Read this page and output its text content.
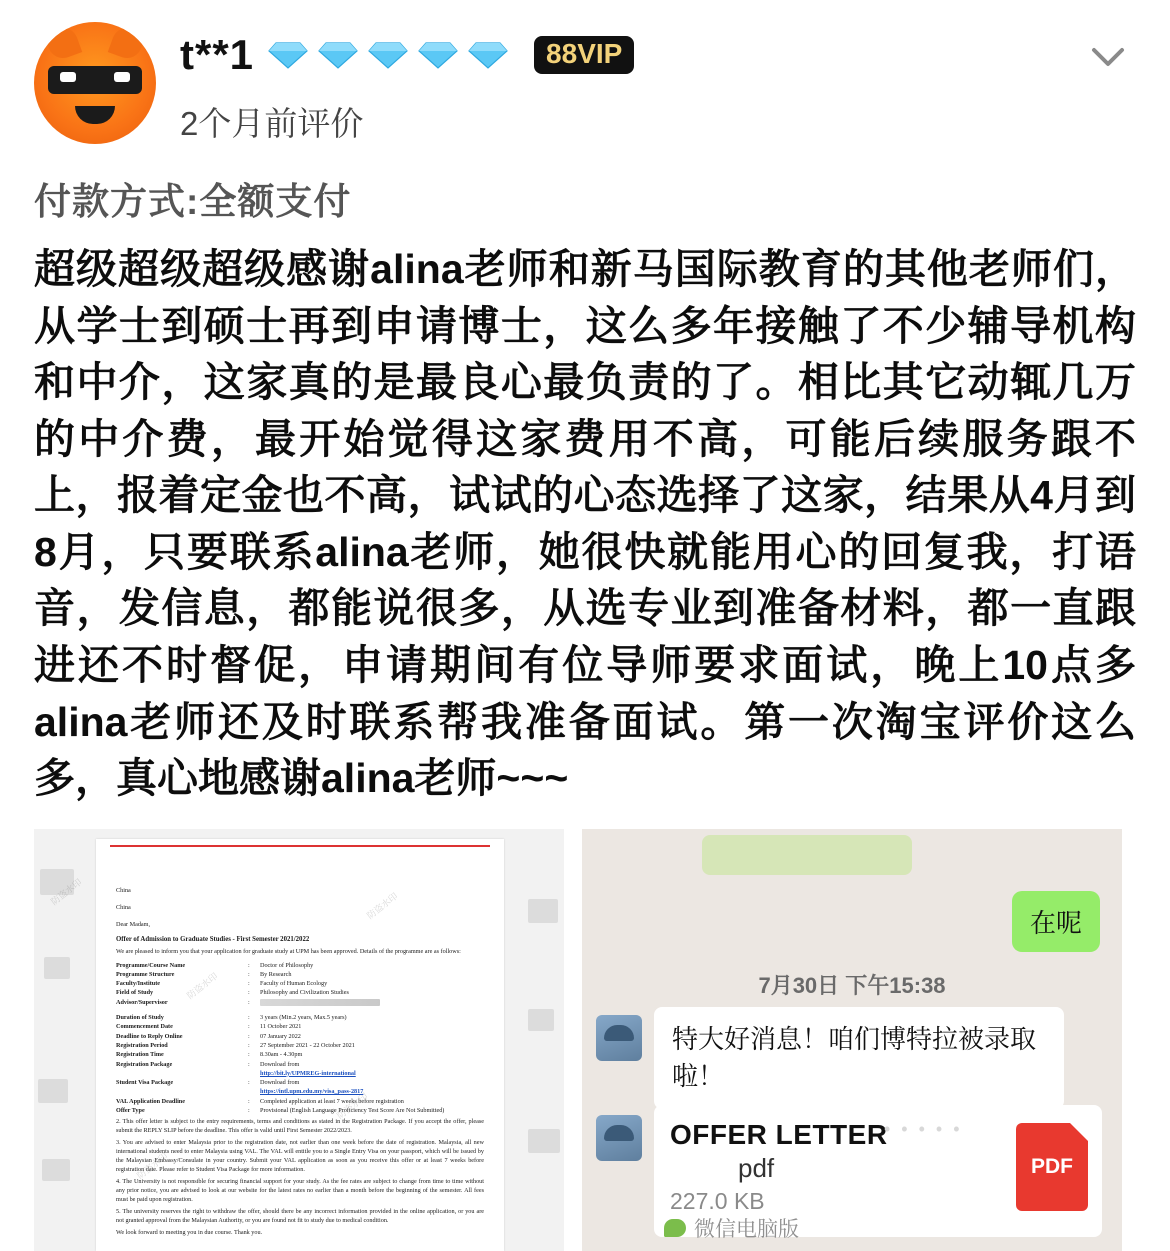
t**1	88VIP
2个月前评价
付款方式:全额支付
超级超级超级感谢alina老师和新马国际教育的其他老师们，从学士到硕士再到申请博士，这么多年接触了不少辅导机构和中介，这家真的是最良心最负责的了。相比其它动辄几万的中介费，最开始觉得这家费用不高，可能后续服务跟不上，报着定金也不高，试试的心态选择了这家，结果从4月到8月，只要联系alina老师，她很快就能用心的回复我，打语音，发信息，都能说很多，从选专业到准备材料，都一直跟进还不时督促，申请期间有位导师要求面试，晚上10点多alina老师还及时联系帮我准备面试。第一次淘宝评价这么多，真心地感谢alina老师~~~
China
China
Dear Madam,
Offer of Admission to Graduate Studies - First Semester 2021/2022
We are pleased to inform you that your application for graduate study at UPM has been approved. Details of the programme are as follows:
Programme/Course Name	:	Doctor of Philosophy
Programme Structure	:	By Research
Faculty/Institute	:	Faculty of Human Ecology
Field of Study	:	Philosophy and Civilization Studies
Advisor/Supervisor	:
Duration of Study	:	3 years (Min.2 years, Max.5 years)
Commencement Date	:	11 October 2021
Deadline to Reply Online	:	07 January 2022
Registration Period	:	27 September 2021 - 22 October 2021
Registration Time	:	8.30am - 4.30pm
Registration Package	:	Download from
http://bit.ly/UPMREG-international
Student Visa Package	:	Download from
https://intl.upm.edu.my/visa_pass-2817
VAL Application Deadline	:	Completed application at least 7 weeks before registration
Offer Type	:	Provisional (English Language Proficiency Test Score Are Not Submitted)

2. This offer letter is subject to the entry requirements, terms and conditions as stated in the Registration Package. If you accept the offer, please submit the REPLY SLIP before the deadline. This offer is valid until First Semester 2022/2023.

3. You are advised to enter Malaysia prior to the registration date, not earlier than one week before the date of registration. Malaysia, all new international students need to enter Malaysia using VAL. The VAL will entitle you to a Single Entry Visa on your passport, which will be issued by the Malaysian Embassy/Consulate in your country. Submit your VAL application as soon as you receive this offer or at least 7 weeks before registration date. Please refer to Student Visa Package for more information.

4. The University is not responsible for securing financial support for your study. As the fee rates are subject to change from time to time without any prior notice, you are advised to look at our website for the latest rates no earlier than a month before the beginning of the semester. All fees must be paid upon registration.

5. The university reserves the right to withdraw the offer, should there be any incorrect information provided in the online application, or you are not granted approval from the Malaysian Authority, or you are found not fit to study due to medical condition.

We look forward to meeting you in due course. Thank you.

防盗水印
防盗水印
防盗水印
防盗水印
防盗水印
在呢
7月30日 下午15:38
特大好消息！咱们博特拉被录取啦！
OFFER LETTER
pdf
227.0 KB
PDF
• • • • •
微信电脑版
